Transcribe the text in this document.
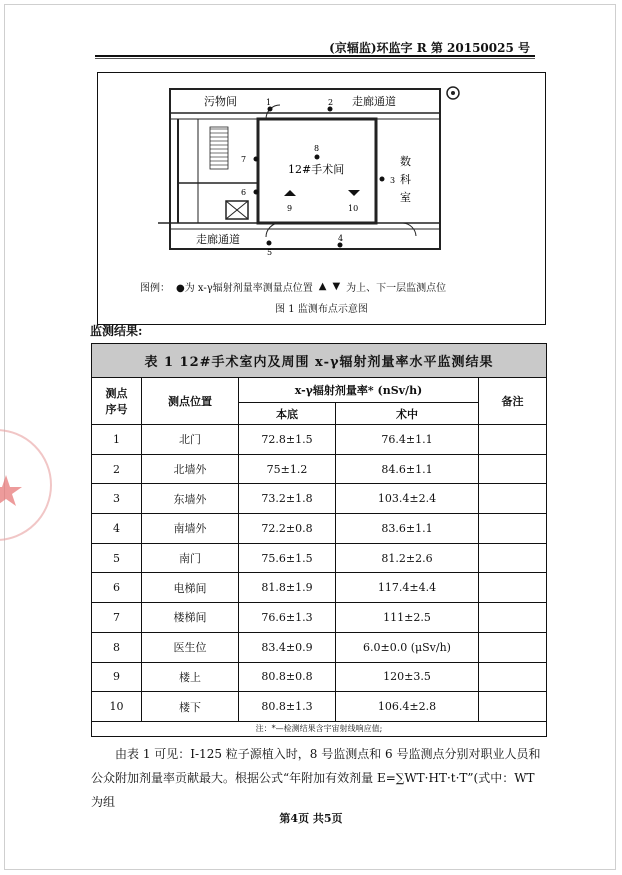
(京辐监)环监字 R 第 20150025 号
污物间	走廊通道
12#手术间
数
科
室
走廊通道
1	2
3
4
5
6
7
8
9	10
图例： ●为 x-γ辐射剂量率测量点位置 ▲ ▼ 为上、下一层监测点位
图 1 监测布点示意图
监测结果:
表 1 12#手术室内及周围 x-γ辐射剂量率水平监测结果				

测点
序号	测点位置	x-γ辐射剂量率* (nSv/h)		备注
		本底	术中	
1	北门	72.8±1.5	76.4±1.1	
2	北墙外	75±1.2	84.6±1.1	
3	东墙外	73.2±1.8	103.4±2.4	
4	南墙外	72.2±0.8	83.6±1.1	
5	南门	75.6±1.5	81.2±2.6	
6	电梯间	81.8±1.9	117.4±4.4	
7	楼梯间	76.6±1.3	111±2.5	
8	医生位	83.4±0.9	6.0±0.0 (μSv/h)	
9	楼上	80.8±0.8	120±3.5	
10	楼下	80.8±1.3	106.4±2.8	
注：*—检测结果含宇宙射线响应值;				
由表 1 可见：I-125 粒子源植入时，8 号监测点和 6 号监测点分别对职业人员和公众附加剂量率贡献最大。根据公式“年附加有效剂量 E=∑WT·HT·t·T”(式中：WT为组
第4页 共5页
